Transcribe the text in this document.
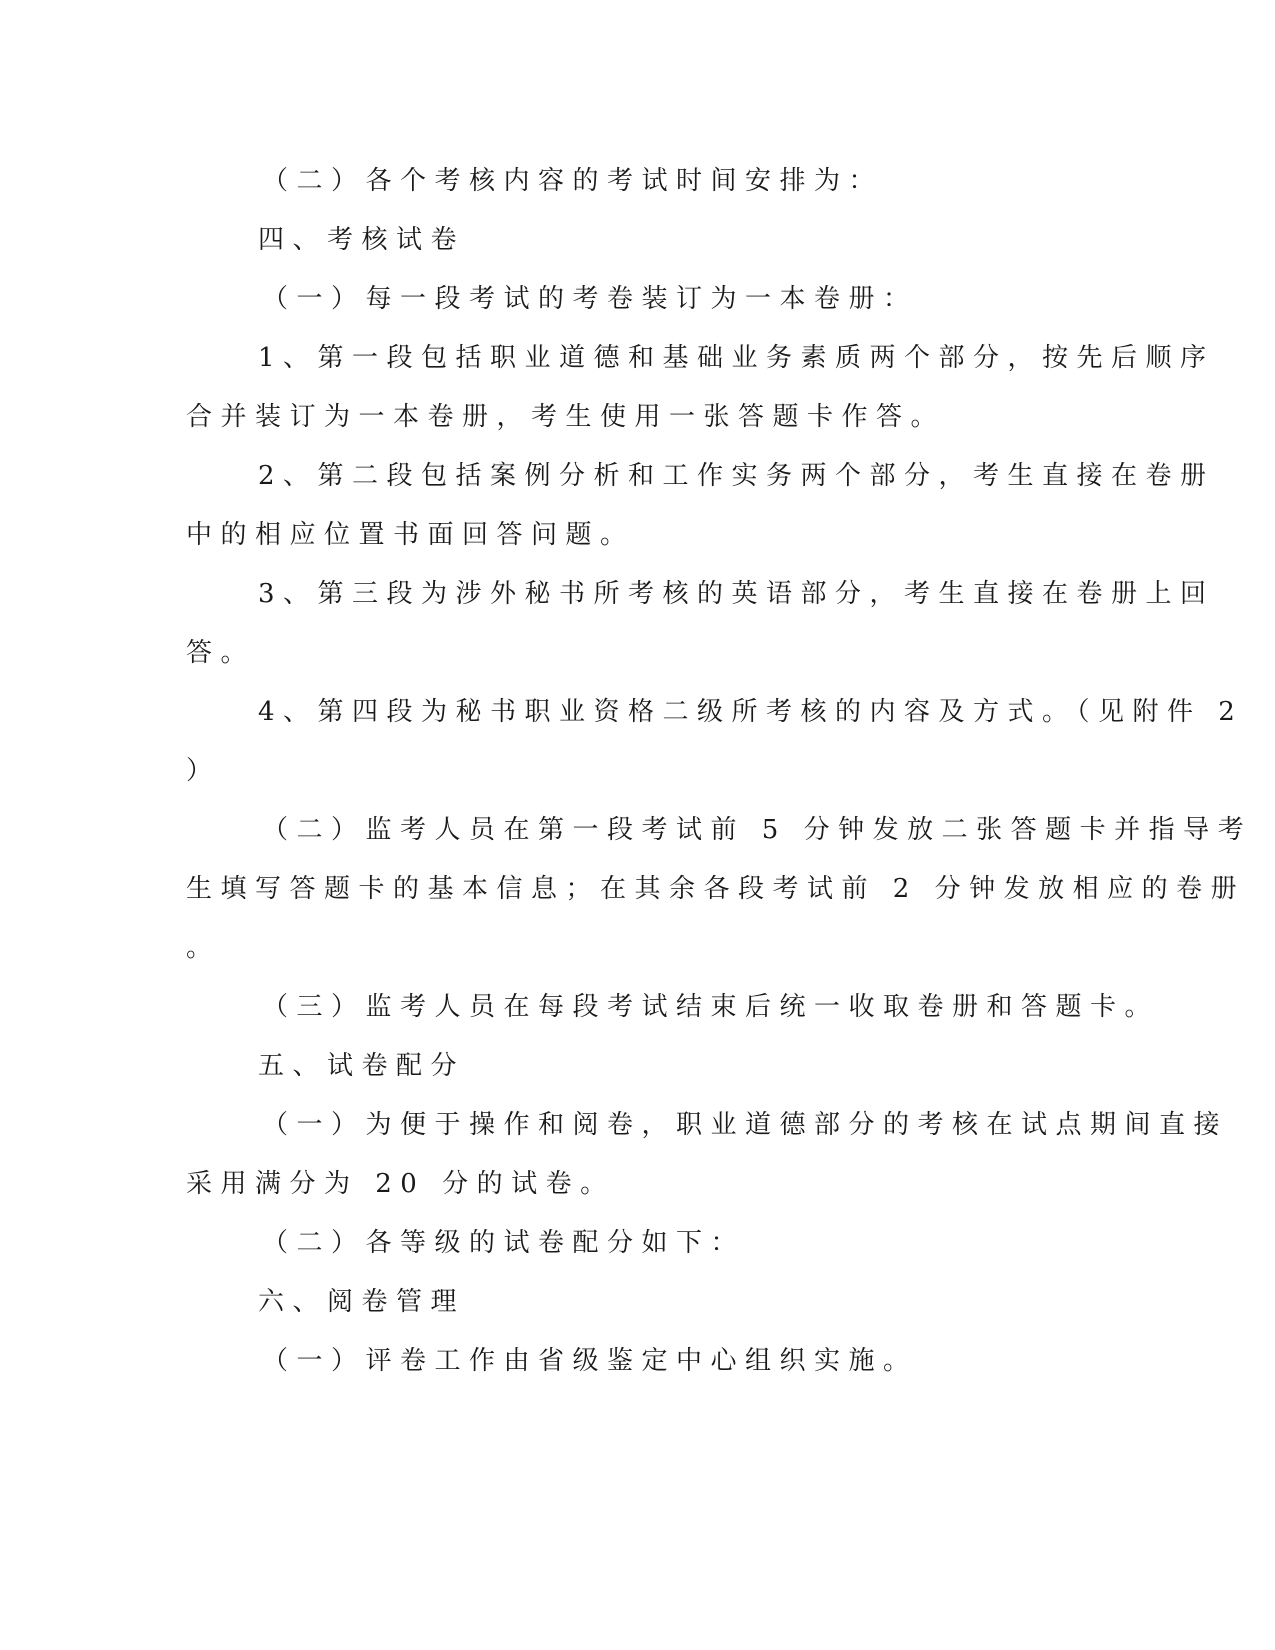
（二）各个考核内容的考试时间安排为：
四、考核试卷
（一）每一段考试的考卷装订为一本卷册：
1、第一段包括职业道德和基础业务素质两个部分，按先后顺序
合并装订为一本卷册，考生使用一张答题卡作答。
2、第二段包括案例分析和工作实务两个部分，考生直接在卷册
中的相应位置书面回答问题。
3、第三段为涉外秘书所考核的英语部分，考生直接在卷册上回
答。
4、第四段为秘书职业资格二级所考核的内容及方式。（见附件 2
）
（二）监考人员在第一段考试前 5 分钟发放二张答题卡并指导考
生填写答题卡的基本信息；在其余各段考试前 2 分钟发放相应的卷册
。
（三）监考人员在每段考试结束后统一收取卷册和答题卡。
五、试卷配分
（一）为便于操作和阅卷，职业道德部分的考核在试点期间直接
采用满分为 20 分的试卷。
（二）各等级的试卷配分如下：
六、阅卷管理
（一）评卷工作由省级鉴定中心组织实施。
